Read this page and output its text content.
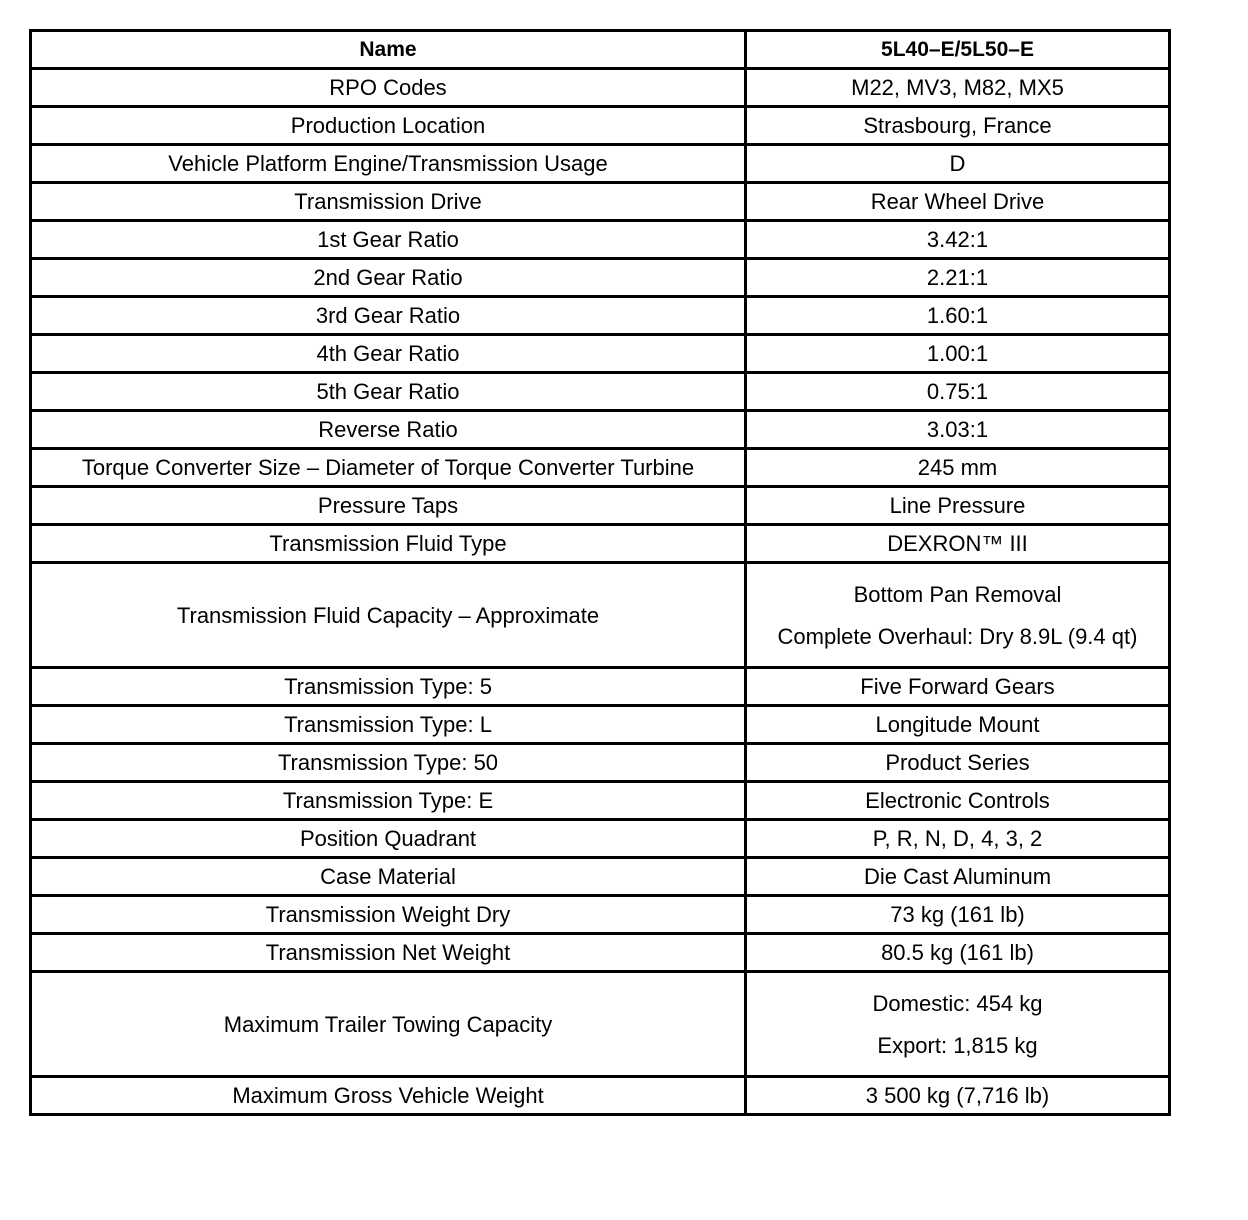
Name	5L40–E/5L50–E
RPO Codes	M22, MV3, M82, MX5
Production Location	Strasbourg, France
Vehicle Platform Engine/Transmission Usage	D
Transmission Drive	Rear Wheel Drive
1st Gear Ratio	3.42:1
2nd Gear Ratio	2.21:1
3rd Gear Ratio	1.60:1
4th Gear Ratio	1.00:1
5th Gear Ratio	0.75:1
Reverse Ratio	3.03:1
Torque Converter Size – Diameter of Torque Converter Turbine	245 mm
Pressure Taps	Line Pressure
Transmission Fluid Type	DEXRON™ III
Transmission Fluid Capacity – Approximate	Bottom Pan Removal
Complete Overhaul: Dry 8.9L (9.4 qt)

Transmission Type: 5	Five Forward Gears
Transmission Type: L	Longitude Mount
Transmission Type: 50	Product Series
Transmission Type: E	Electronic Controls
Position Quadrant	P, R, N, D, 4, 3, 2
Case Material	Die Cast Aluminum
Transmission Weight Dry	73 kg (161 lb)
Transmission Net Weight	80.5 kg (161 lb)
Maximum Trailer Towing Capacity	Domestic: 454 kg
Export: 1,815 kg

Maximum Gross Vehicle Weight	3 500 kg (7,716 lb)
